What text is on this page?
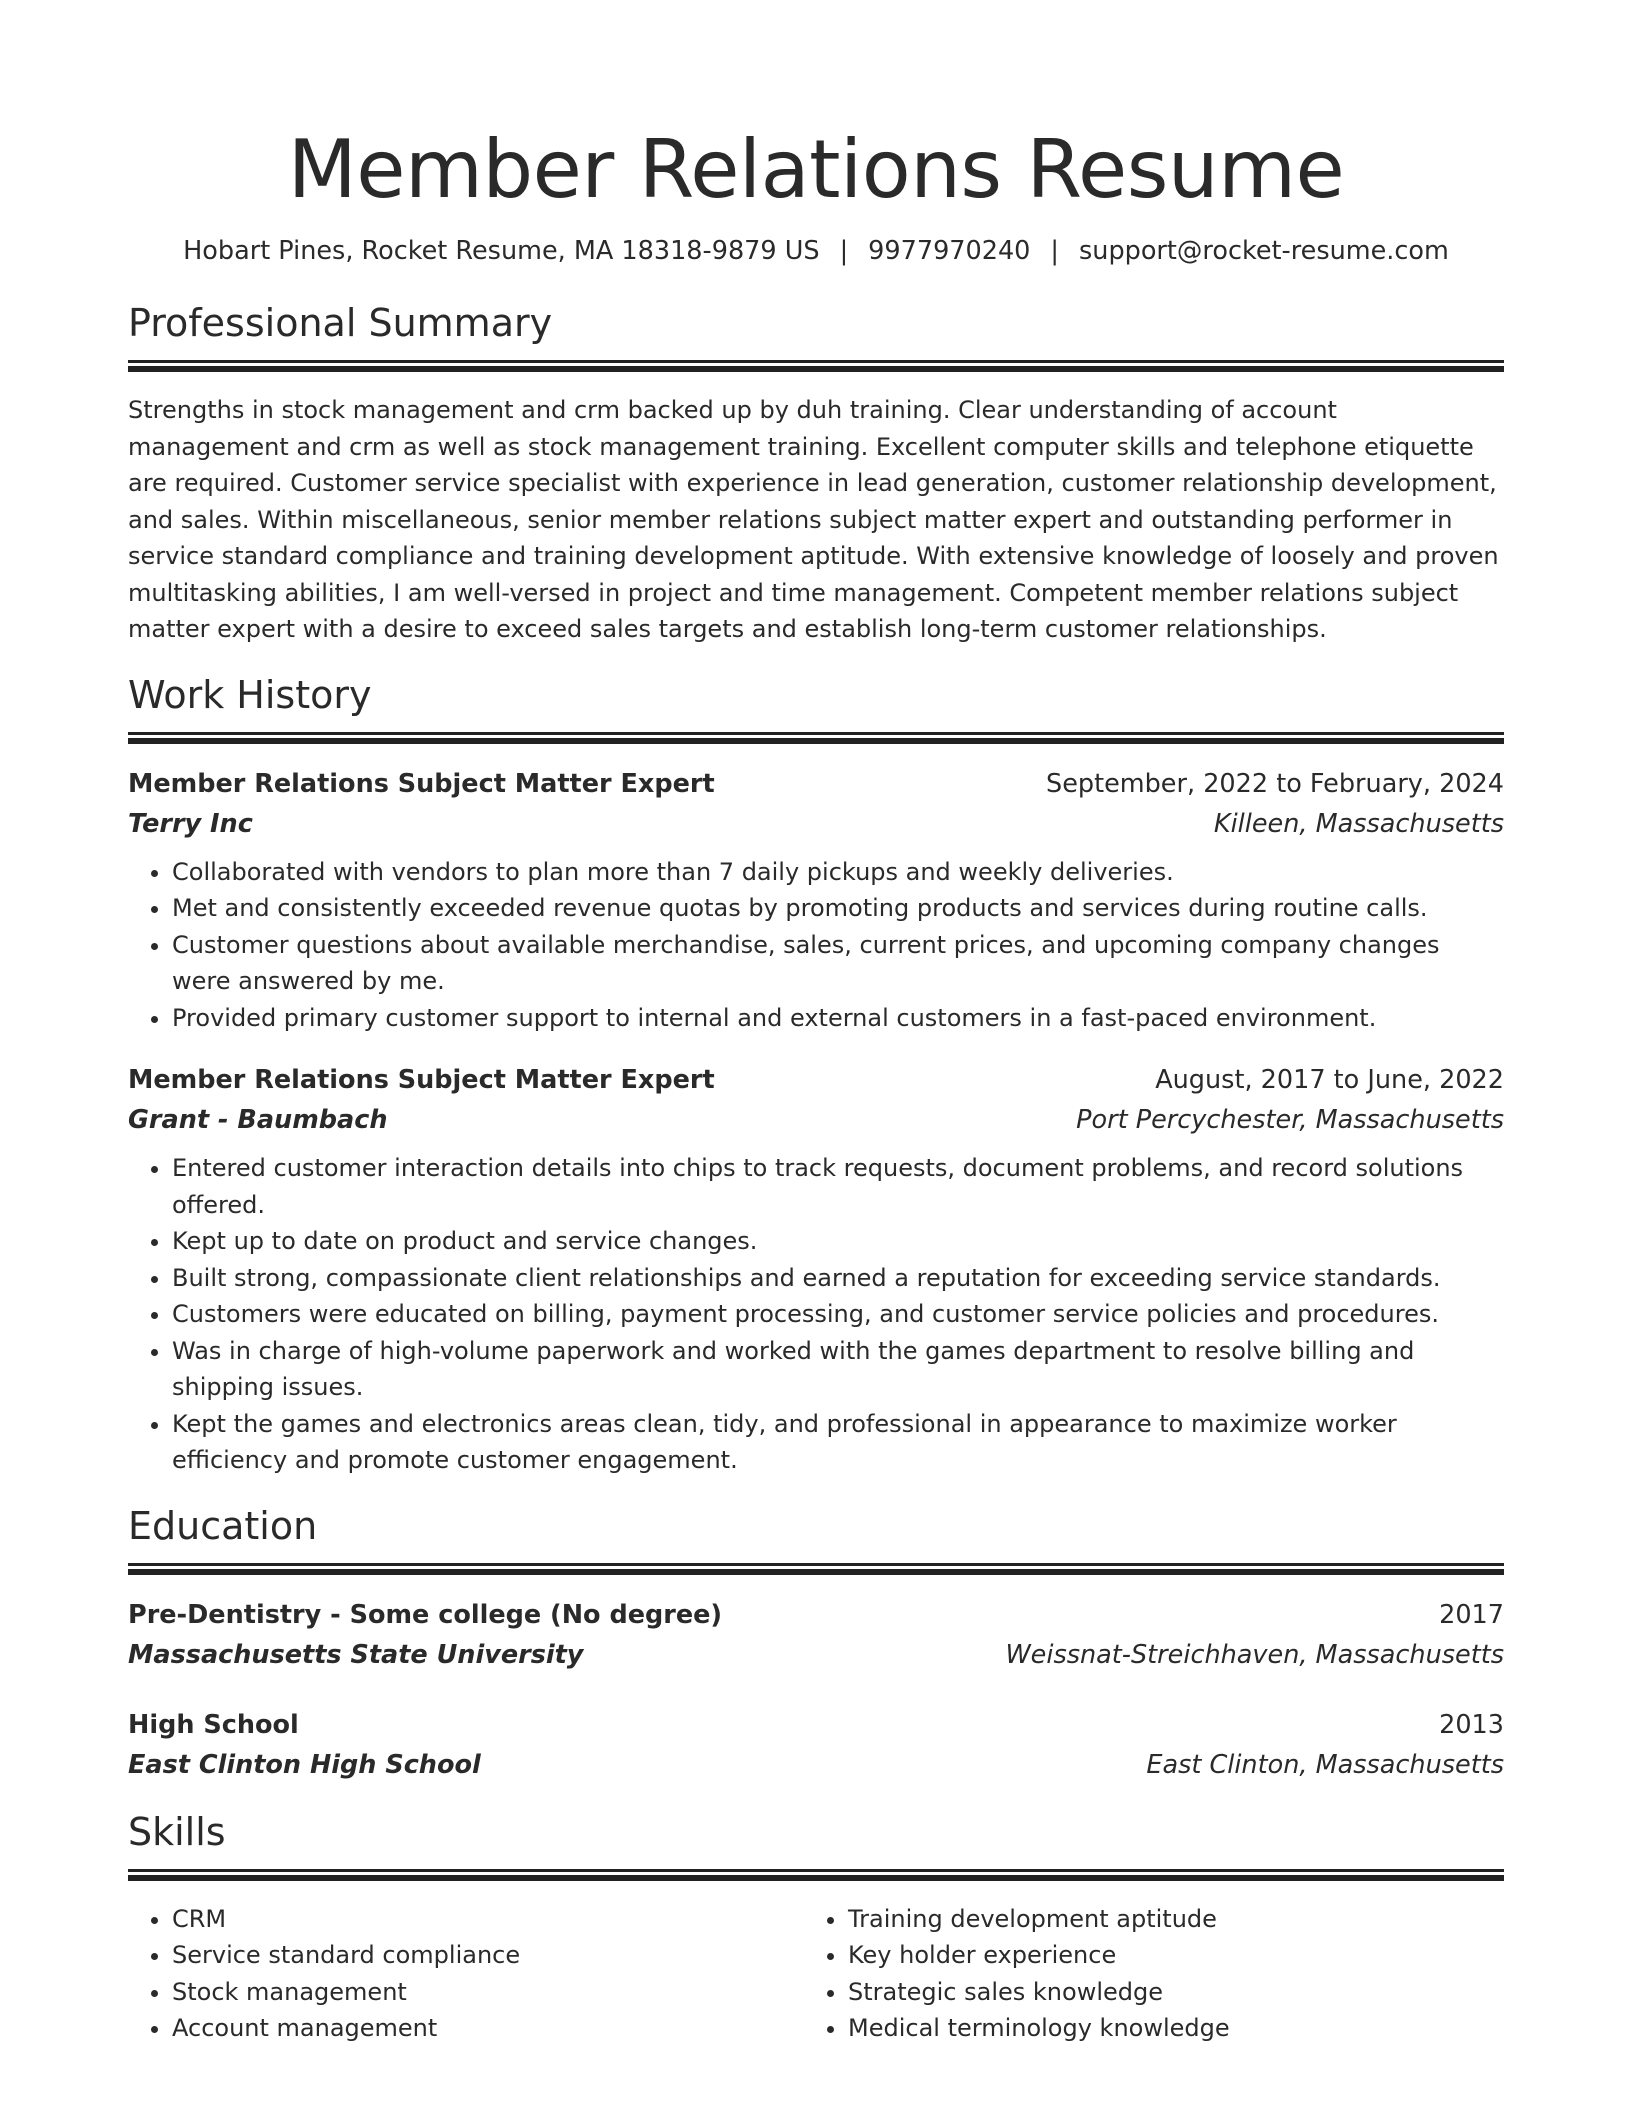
Member Relations Resume
Hobart Pines, Rocket Resume, MA 18318-9879 US | 9977970240 | support@rocket-resume.com
Professional Summary
Strengths in stock management and crm backed up by duh training. Clear understanding of account management and crm as well as stock management training. Excellent computer skills and telephone etiquette are required. Customer service specialist with experience in lead generation, customer relationship development, and sales. Within miscellaneous, senior member relations subject matter expert and outstanding performer in service standard compliance and training development aptitude. With extensive knowledge of loosely and proven multitasking abilities, I am well-versed in project and time management. Competent member relations subject matter expert with a desire to exceed sales targets and establish long-term customer relationships.
Work History
Member Relations Subject Matter Expert	September, 2022 to February, 2024
Terry Inc	Killeen, Massachusetts
• Collaborated with vendors to plan more than 7 daily pickups and weekly deliveries.
• Met and consistently exceeded revenue quotas by promoting products and services during routine calls.
• Customer questions about available merchandise, sales, current prices, and upcoming company changes were answered by me.
• Provided primary customer support to internal and external customers in a fast-paced environment.
Member Relations Subject Matter Expert	August, 2017 to June, 2022
Grant - Baumbach	Port Percychester, Massachusetts
• Entered customer interaction details into chips to track requests, document problems, and record solutions offered.
• Kept up to date on product and service changes.
• Built strong, compassionate client relationships and earned a reputation for exceeding service standards.
• Customers were educated on billing, payment processing, and customer service policies and procedures.
• Was in charge of high-volume paperwork and worked with the games department to resolve billing and shipping issues.
• Kept the games and electronics areas clean, tidy, and professional in appearance to maximize worker efficiency and promote customer engagement.
Education
Pre-Dentistry - Some college (No degree)	2017
Massachusetts State University	Weissnat-Streichhaven, Massachusetts
High School	2013
East Clinton High School	East Clinton, Massachusetts
Skills
• CRM
• Service standard compliance
• Stock management
• Account management
• Training development aptitude
• Key holder experience
• Strategic sales knowledge
• Medical terminology knowledge
